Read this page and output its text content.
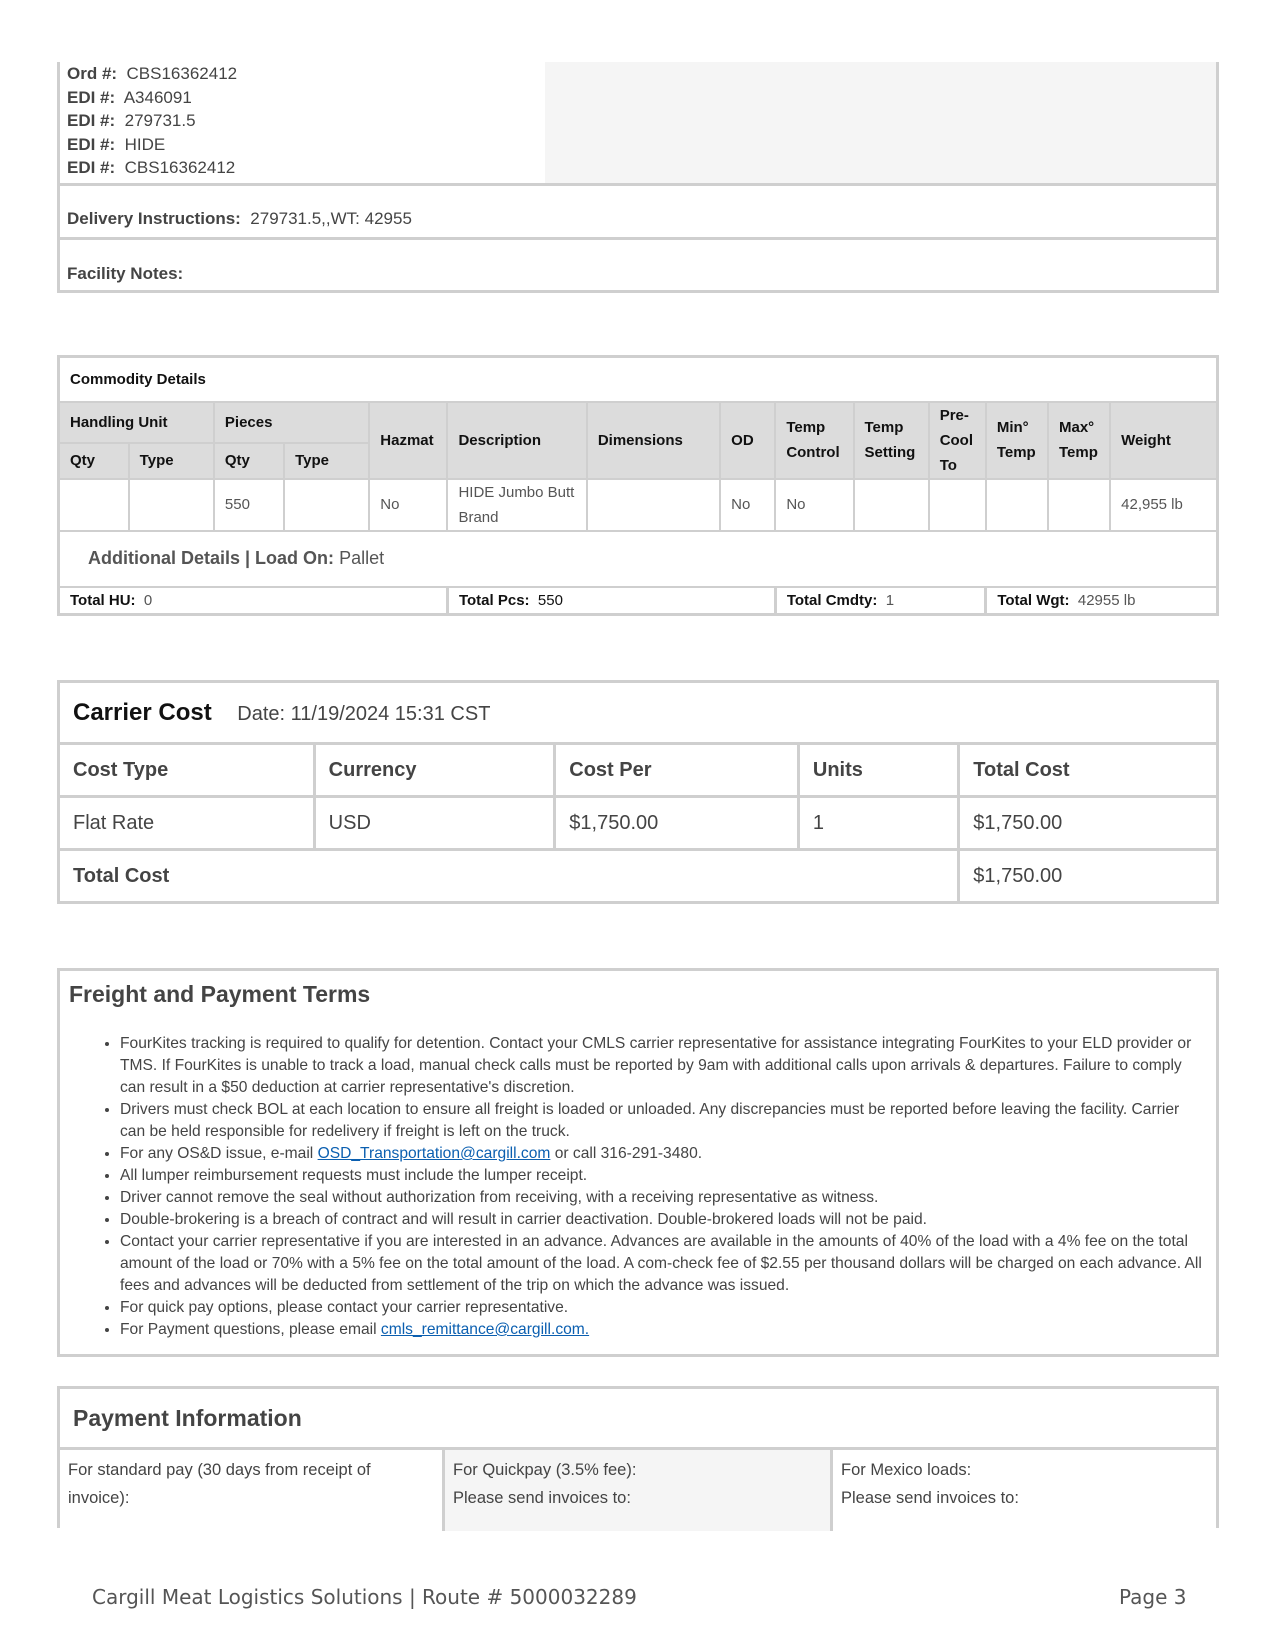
Ord #: CBS16362412
EDI #: A346091
EDI #: 279731.5
EDI #: HIDE
EDI #: CBS16362412
Delivery Instructions: 279731.5,,WT: 42955
Facility Notes:
Commodity Details													
Handling Unit		Pieces		Hazmat	Description	Dimensions	OD	Temp Control	Temp Setting	Pre-Cool To	Min° Temp	Max° Temp	Weight
Qty	Type	Qty	Type										
		550		No	HIDE Jumbo Butt Brand		No	No					42,955 lb
Additional Details | Load On: Pallet													
Total HU: 0					Total Pcs: 550			Total Cmdty: 1			Total Wgt: 42955 lb		
Carrier Cost Date: 11/19/2024 15:31 CST				
Cost Type	Currency	Cost Per	Units	Total Cost
Flat Rate	USD	$1,750.00	1	$1,750.00
Total Cost				$1,750.00
Freight and Payment Terms
• FourKites tracking is required to qualify for detention. Contact your CMLS carrier representative for assistance integrating FourKites to your ELD provider or TMS. If FourKites is unable to track a load, manual check calls must be reported by 9am with additional calls upon arrivals & departures. Failure to comply can result in a $50 deduction at carrier representative's discretion.
• Drivers must check BOL at each location to ensure all freight is loaded or unloaded. Any discrepancies must be reported before leaving the facility. Carrier can be held responsible for redelivery if freight is left on the truck.
• For any OS&D issue, e-mail OSD_Transportation@cargill.com or call 316-291-3480.
• All lumper reimbursement requests must include the lumper receipt.
• Driver cannot remove the seal without authorization from receiving, with a receiving representative as witness.
• Double-brokering is a breach of contract and will result in carrier deactivation. Double-brokered loads will not be paid.
• Contact your carrier representative if you are interested in an advance. Advances are available in the amounts of 40% of the load with a 4% fee on the total amount of the load or 70% with a 5% fee on the total amount of the load. A com-check fee of $2.55 per thousand dollars will be charged on each advance. All fees and advances will be deducted from settlement of the trip on which the advance was issued.
• For quick pay options, please contact your carrier representative.
• For Payment questions, please email cmls_remittance@cargill.com.
Payment Information
For standard pay (30 days from receipt of invoice):
For Quickpay (3.5% fee):
Please send invoices to:
For Mexico loads:
Please send invoices to:
Cargill Meat Logistics Solutions | Route # 5000032289	Page 3
